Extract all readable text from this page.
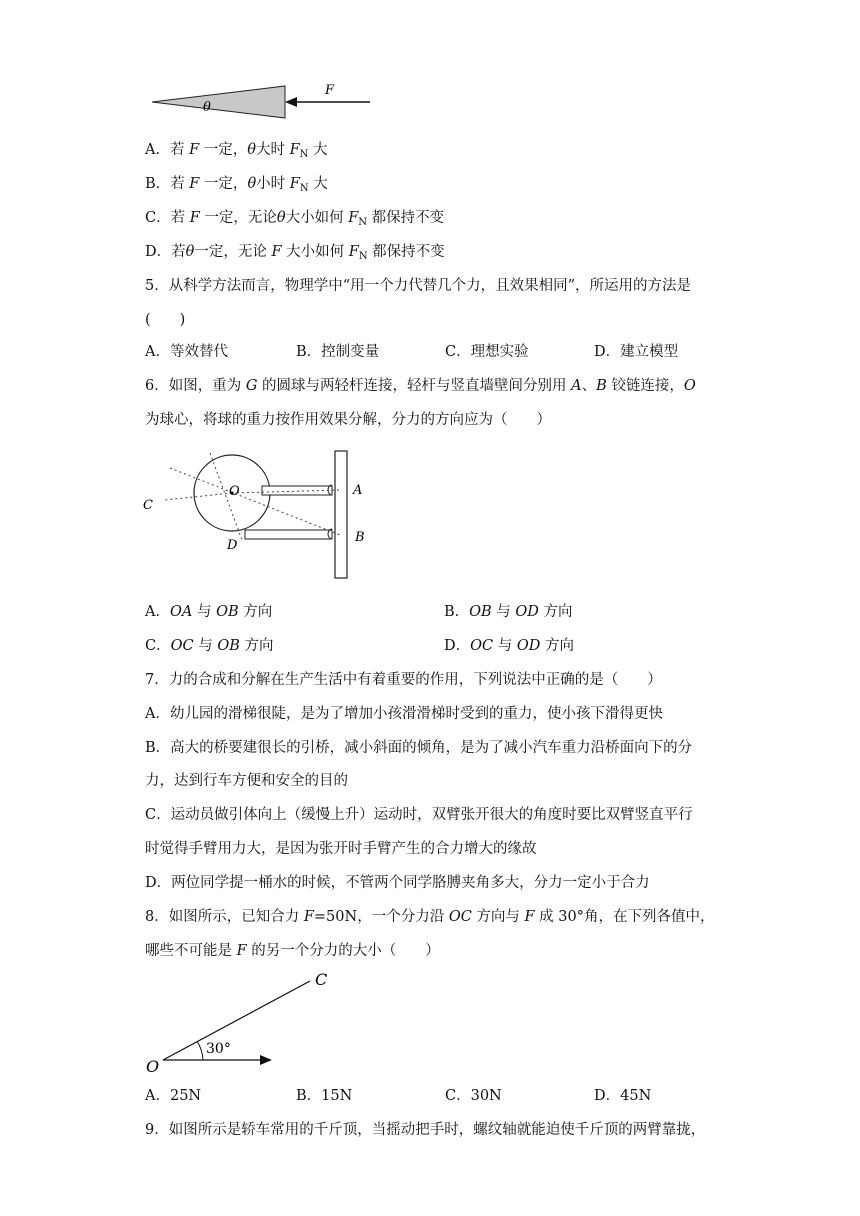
θ
F
A．若 F 一定，θ大时 $F_N$ 大
B．若 F 一定，θ小时 $F_N$ 大
C．若 F 一定，无论θ大小如何 $F_N$ 都保持不变
D．若θ一定，无论 F 大小如何 $F_N$ 都保持不变
5．从科学方法而言，物理学中“用一个力代替几个力，且效果相同”，所运用的方法是
(　　)
A．等效替代	B．控制变量	C．理想实验	D．建立模型
6．如图，重为 G 的圆球与两轻杆连接，轻杆与竖直墙壁间分别用 A、B 铰链连接，O
为球心，将球的重力按作用效果分解，分力的方向应为（　　）
C
O	A
B
D
A．OA 与 OB 方向	B．OB 与 OD 方向
C．OC 与 OB 方向	D．OC 与 OD 方向
7．力的合成和分解在生产生活中有着重要的作用，下列说法中正确的是（　　）
A．幼儿园的滑梯很陡，是为了增加小孩滑滑梯时受到的重力，使小孩下滑得更快
B．高大的桥要建很长的引桥，减小斜面的倾角，是为了减小汽车重力沿桥面向下的分
力，达到行车方便和安全的目的
C．运动员做引体向上（缓慢上升）运动时，双臂张开很大的角度时要比双臂竖直平行
时觉得手臂用力大，是因为张开时手臂产生的合力增大的缘故
D．两位同学提一桶水的时候，不管两个同学胳膊夹角多大，分力一定小于合力
8．如图所示，已知合力 F=50N，一个分力沿 OC 方向与 F 成 30°角，在下列各值中，
哪些不可能是 F 的另一个分力的大小（　　）
C
O
30°
A．25N	B．15N	C．30N	D．45N
9．如图所示是轿车常用的千斤顶，当摇动把手时，螺纹轴就能迫使千斤顶的两臂靠拢，
